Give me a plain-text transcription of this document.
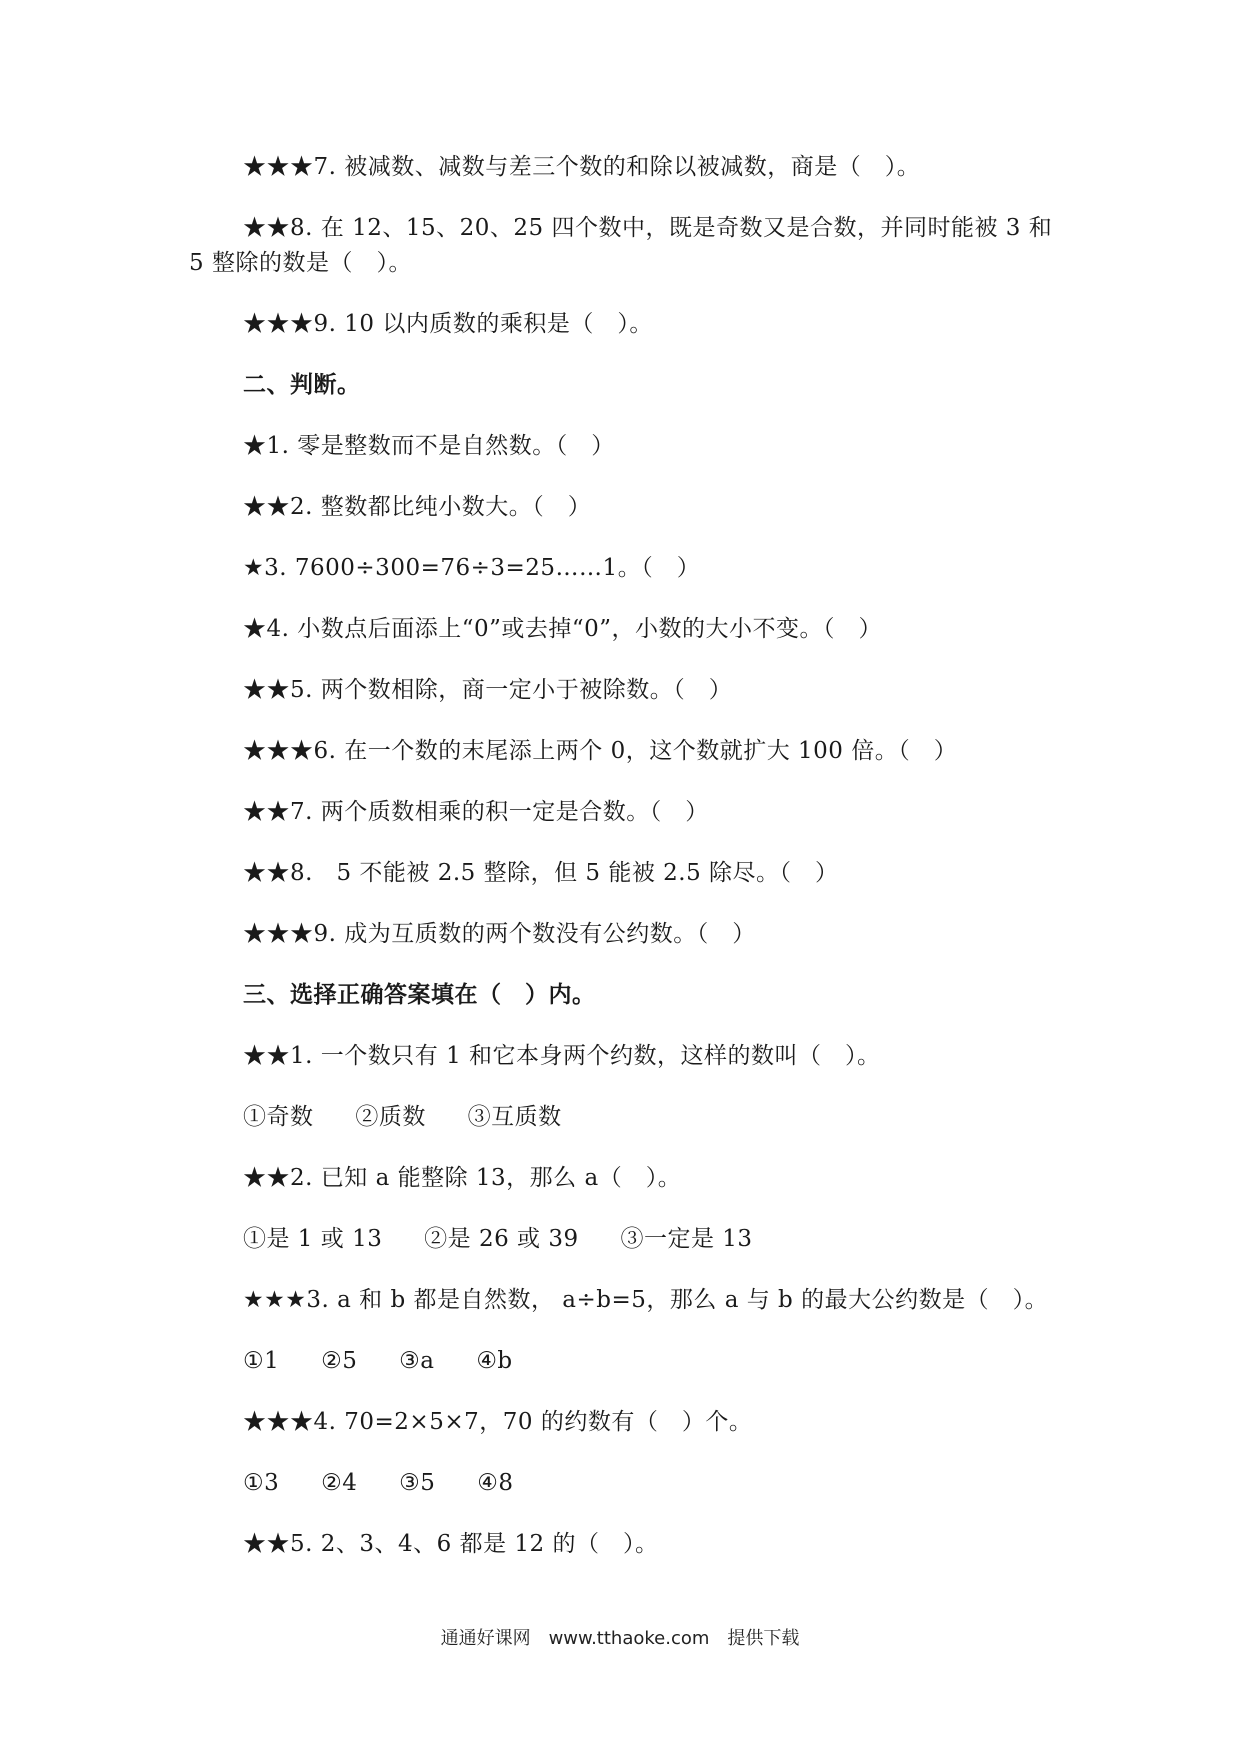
★★★7. 被减数、减数与差三个数的和除以被减数，商是（　）。
★★8. 在 12、15、20、25 四个数中，既是奇数又是合数，并同时能被 3 和
5 整除的数是（　）。
★★★9. 10 以内质数的乘积是（　）。
二、判断。
★1. 零是整数而不是自然数。（　）
★★2. 整数都比纯小数大。（　）
★3. 7600÷300=76÷3=25……1。（　）
★4. 小数点后面添上“0”或去掉“0”，小数的大小不变。（　）
★★5. 两个数相除，商一定小于被除数。（　）
★★★6. 在一个数的末尾添上两个 0，这个数就扩大 100 倍。（　）
★★7. 两个质数相乘的积一定是合数。（　）
★★8.　5 不能被 2.5 整除，但 5 能被 2.5 除尽。（　）
★★★9. 成为互质数的两个数没有公约数。（　）
三、选择正确答案填在（　）内。
★★1. 一个数只有 1 和它本身两个约数，这样的数叫（　）。
①奇数 ②质数 ③互质数
★★2. 已知 a 能整除 13，那么 a（　）。
①是 1 或 13 ②是 26 或 39 ③一定是 13
★★★3. a 和 b 都是自然数， a÷b=5，那么 a 与 b 的最大公约数是（　）。
①1 ②5 ③a ④b
★★★4. 70=2×5×7，70 的约数有（　）个。
①3 ②4 ③5 ④8
★★5. 2、3、4、6 都是 12 的（　）。
通通好课网　www.tthaoke.com　提供下载
